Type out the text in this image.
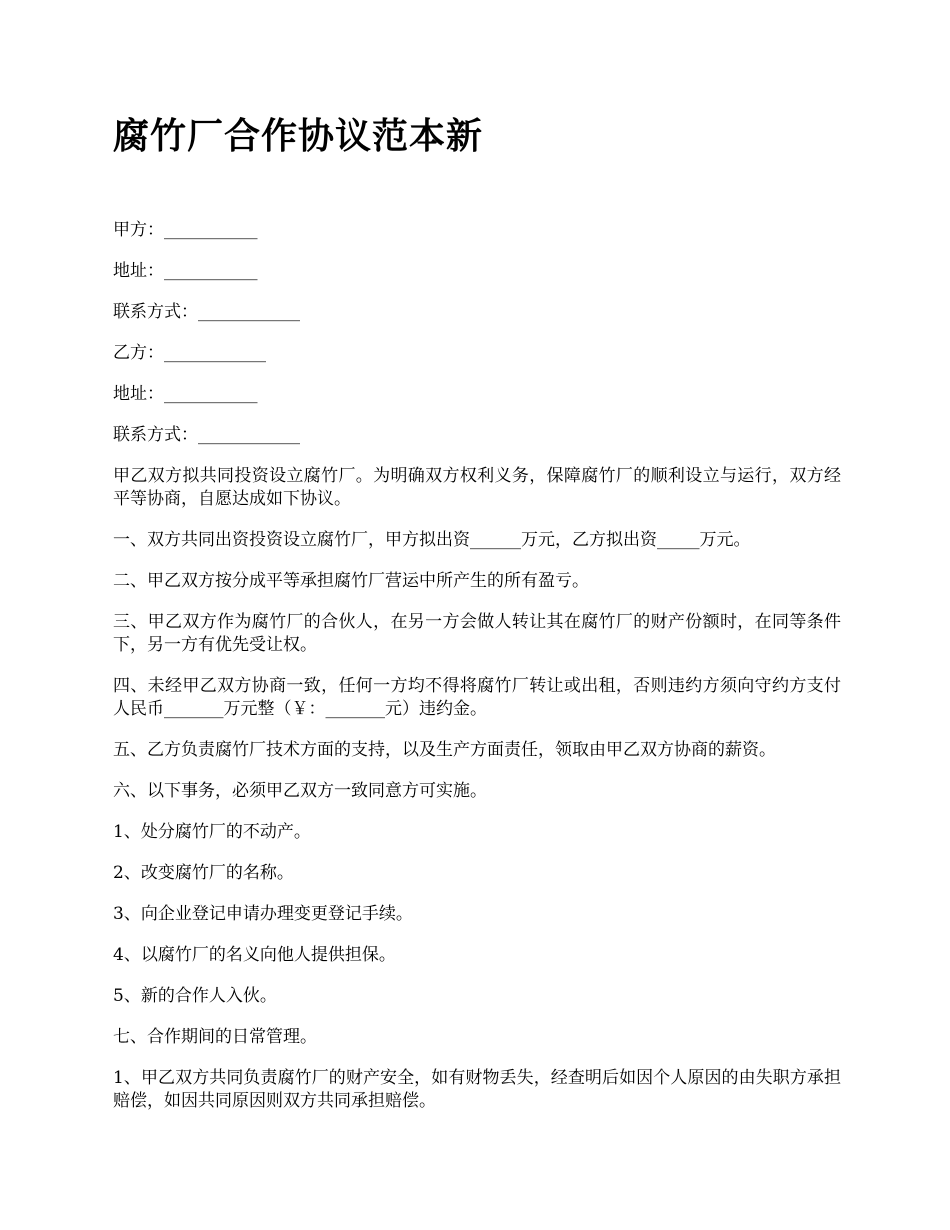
腐竹厂合作协议范本新

甲方：___________

地址：___________

联系方式：____________

乙方：____________

地址：___________

联系方式：____________

甲乙双方拟共同投资设立腐竹厂。为明确双方权利义务，保障腐竹厂的顺利设立与运行，双方经平等协商，自愿达成如下协议。

一、双方共同出资投资设立腐竹厂，甲方拟出资______万元，乙方拟出资_____万元。

二、甲乙双方按分成平等承担腐竹厂营运中所产生的所有盈亏。

三、甲乙双方作为腐竹厂的合伙人，在另一方会做人转让其在腐竹厂的财产份额时，在同等条件下，另一方有优先受让权。

四、未经甲乙双方协商一致，任何一方均不得将腐竹厂转让或出租，否则违约方须向守约方支付人民币_______万元整（￥：_______元）违约金。

五、乙方负责腐竹厂技术方面的支持，以及生产方面责任，领取由甲乙双方协商的薪资。

六、以下事务，必须甲乙双方一致同意方可实施。

1、处分腐竹厂的不动产。

2、改变腐竹厂的名称。

3、向企业登记申请办理变更登记手续。

4、以腐竹厂的名义向他人提供担保。

5、新的合作人入伙。

七、合作期间的日常管理。

1、甲乙双方共同负责腐竹厂的财产安全，如有财物丢失，经查明后如因个人原因的由失职方承担赔偿，如因共同原因则双方共同承担赔偿。
